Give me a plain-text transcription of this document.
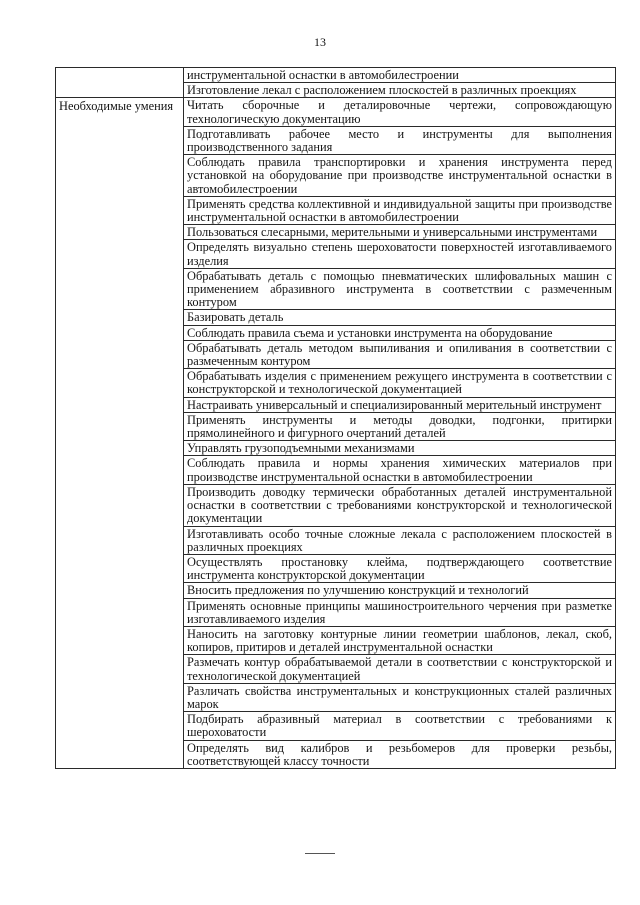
13

	инструментальной оснастки в автомобилестроении

	Изготовление лекал с расположением плоскостей в различных проекциях

Необходимые умения	Читать сборочные и деталировочные чертежи, сопровождающую технологическую документацию

	Подготавливать рабочее место и инструменты для выполнения производственного задания

	Соблюдать правила транспортировки и хранения инструмента перед установкой на оборудование при производстве инструментальной оснастки в автомобилестроении

	Применять средства коллективной и индивидуальной защиты при производстве инструментальной оснастки в автомобилестроении

	Пользоваться слесарными, мерительными и универсальными инструментами

	Определять визуально степень шероховатости поверхностей изготавливаемого изделия

	Обрабатывать деталь с помощью пневматических шлифовальных машин с применением абразивного инструмента в соответствии с размеченным контуром

	Базировать деталь

	Соблюдать правила съема и установки инструмента на оборудование

	Обрабатывать деталь методом выпиливания и опиливания в соответствии с размеченным контуром

	Обрабатывать изделия с применением режущего инструмента в соответствии с конструкторской и технологической документацией

	Настраивать универсальный и специализированный мерительный инструмент

	Применять инструменты и методы доводки, подгонки, притирки прямолинейного и фигурного очертаний деталей

	Управлять грузоподъемными механизмами

	Соблюдать правила и нормы хранения химических материалов при производстве инструментальной оснастки в автомобилестроении

	Производить доводку термически обработанных деталей инструментальной оснастки в соответствии с требованиями конструкторской и технологической документации

	Изготавливать особо точные сложные лекала с расположением плоскостей в различных проекциях

	Осуществлять простановку клейма, подтверждающего соответствие инструмента конструкторской документации

	Вносить предложения по улучшению конструкций и технологий

	Применять основные принципы машиностроительного черчения при разметке изготавливаемого изделия

	Наносить на заготовку контурные линии геометрии шаблонов, лекал, скоб, копиров, притиров и деталей инструментальной оснастки

	Размечать контур обрабатываемой детали в соответствии с конструкторской и технологической документацией

	Различать свойства инструментальных и конструкционных сталей различных марок

	Подбирать абразивный материал в соответствии с требованиями к шероховатости

	Определять вид калибров и резьбомеров для проверки резьбы, соответствующей классу точности
